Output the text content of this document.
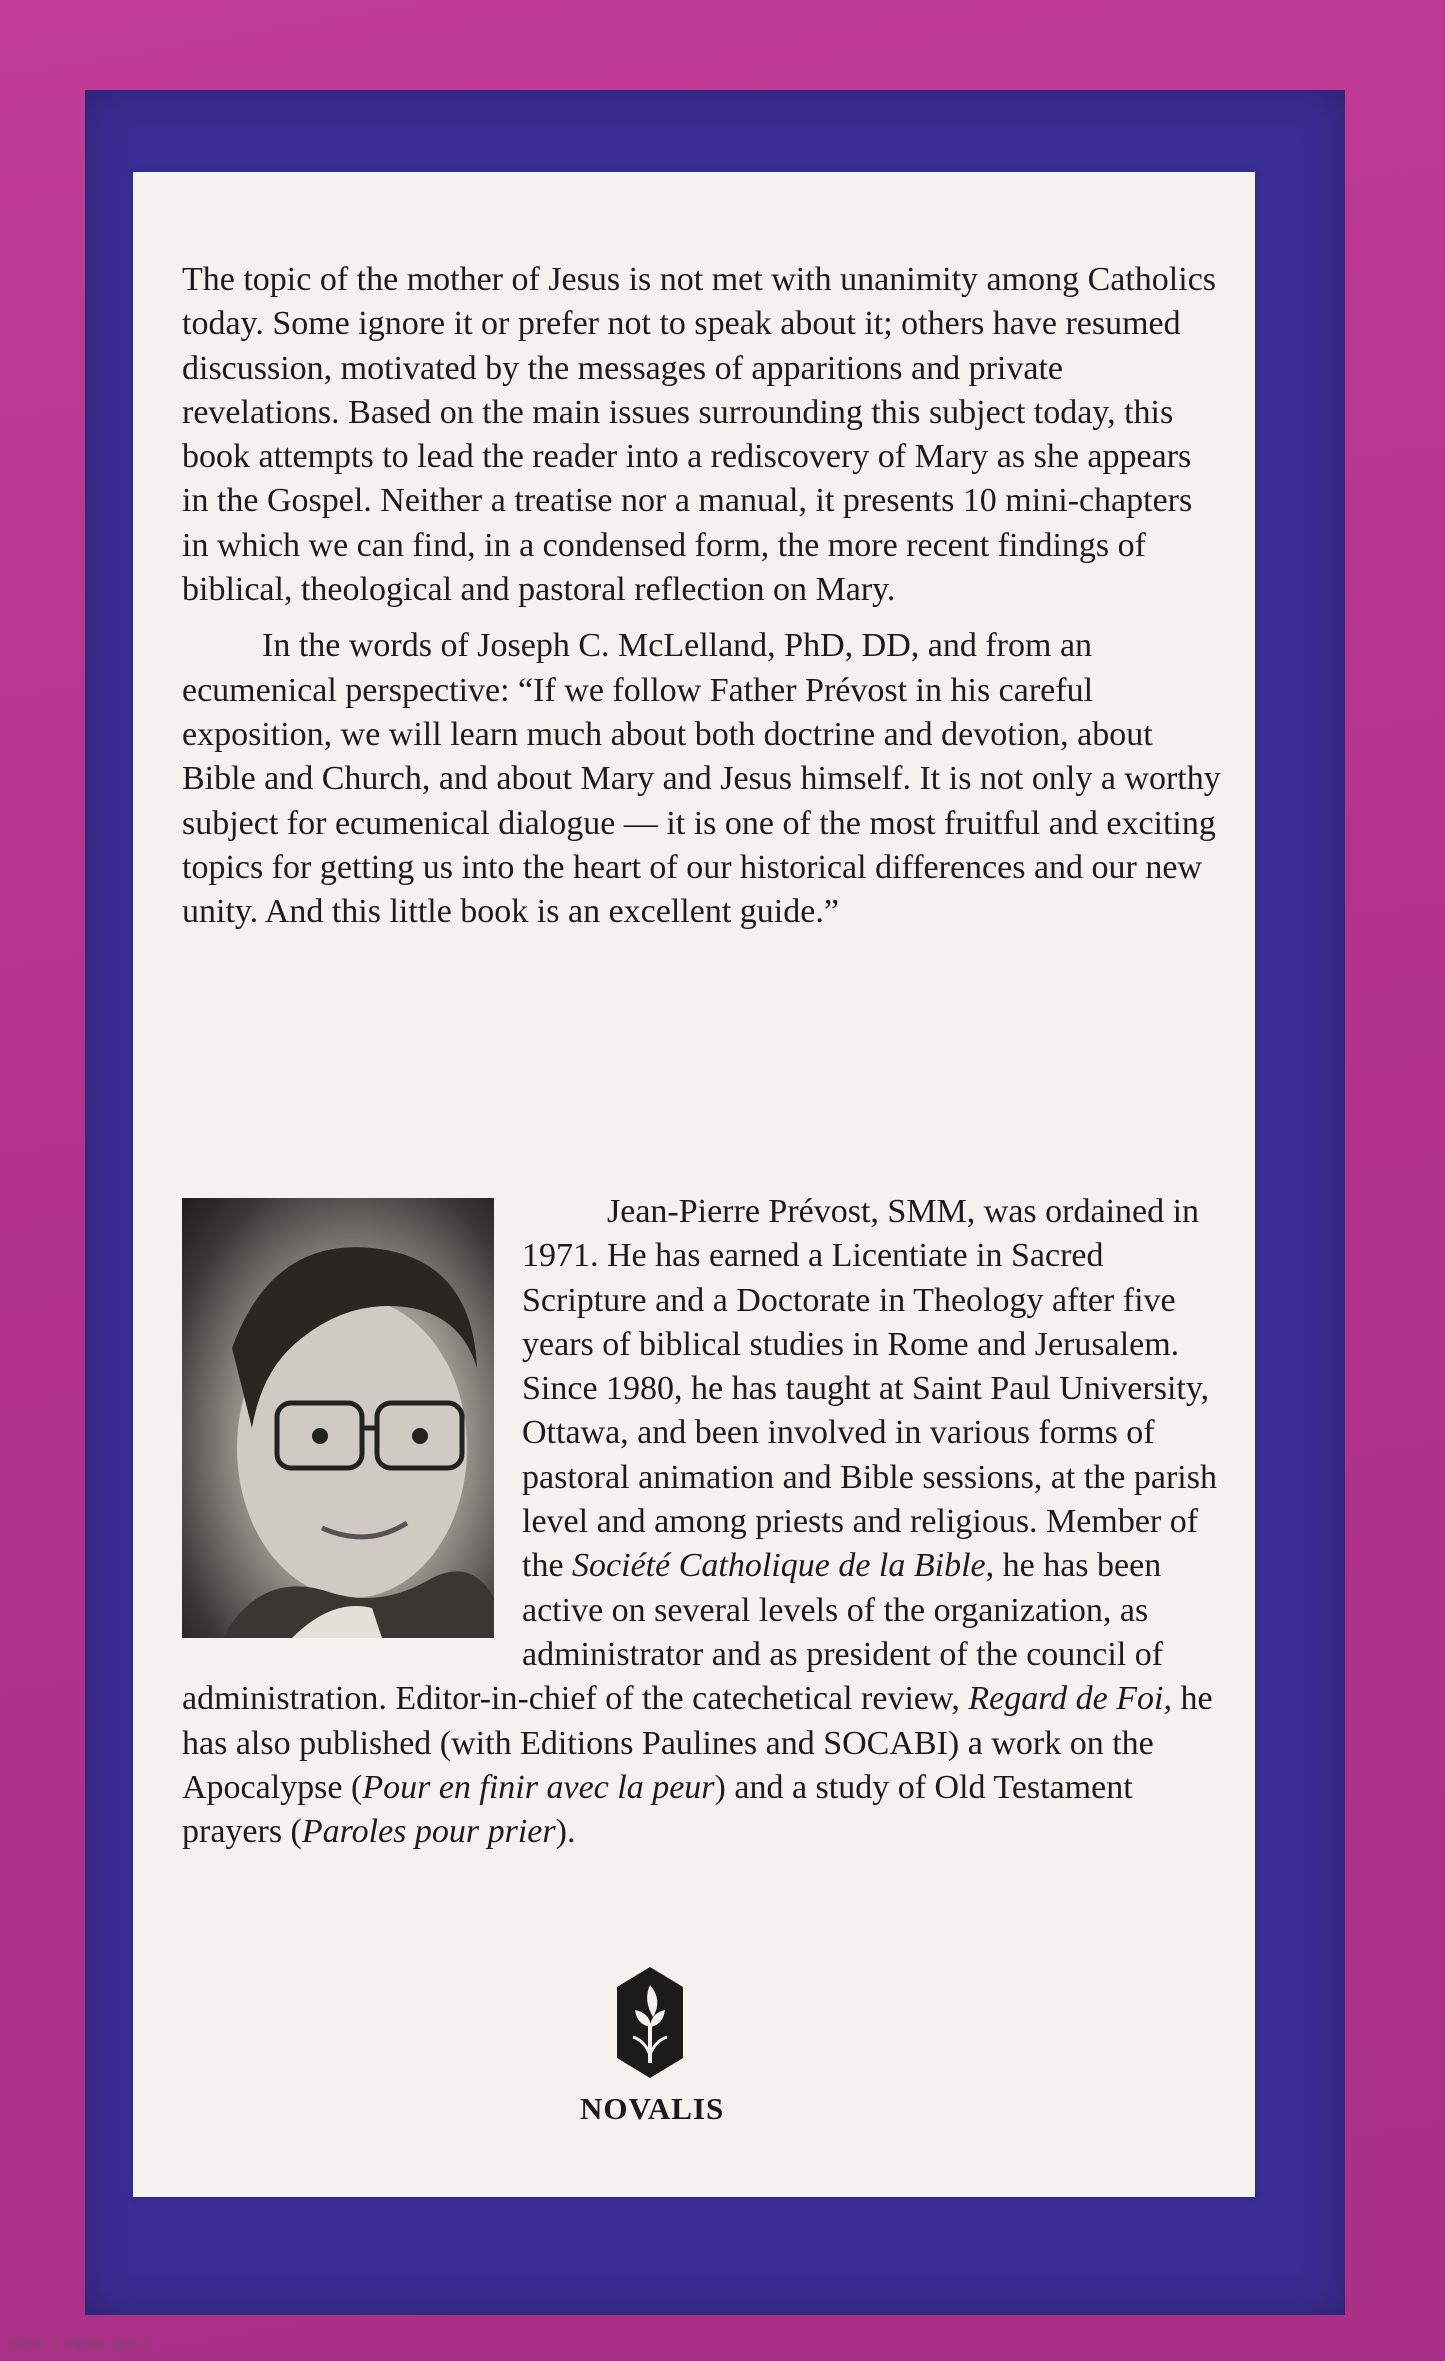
The topic of the mother of Jesus is not met with unanimity among Catholics today. Some ignore it or prefer not to speak about it; others have resumed discussion, motivated by the messages of apparitions and private revelations. Based on the main issues surrounding this subject today, this book attempts to lead the reader into a rediscovery of Mary as she appears in the Gospel. Neither a treatise nor a manual, it presents 10 mini-chapters in which we can find, in a condensed form, the more recent findings of biblical, theological and pastoral reflection on Mary.

In the words of Joseph C. McLelland, PhD, DD, and from an ecumenical perspective: “If we follow Father Prévost in his careful exposition, we will learn much about both doctrine and devotion, about Bible and Church, and about Mary and Jesus himself. It is not only a worthy subject for ecumenical dialogue — it is one of the most fruitful and exciting topics for getting us into the heart of our historical differences and our new unity. And this little book is an excellent guide.”

Jean-Pierre Prévost, SMM, was ordained in 1971. He has earned a Licentiate in Sacred Scripture and a Doctorate in Theology after five years of biblical studies in Rome and Jerusalem. Since 1980, he has taught at Saint Paul University, Ottawa, and been involved in various forms of pastoral animation and Bible sessions, at the parish level and among priests and religious. Member of the Société Catholique de la Bible, he has been active on several levels of the organization, as administrator and as president of the council of administration. Editor-in-chief of the catechetical review, Regard de Foi, he has also published (with Editions Paulines and SOCABI) a work on the Apocalypse (Pour en finir avec la peur) and a study of Old Testament prayers (Paroles pour prier).
NOVALIS
ISBN: 2-89088-365-5
